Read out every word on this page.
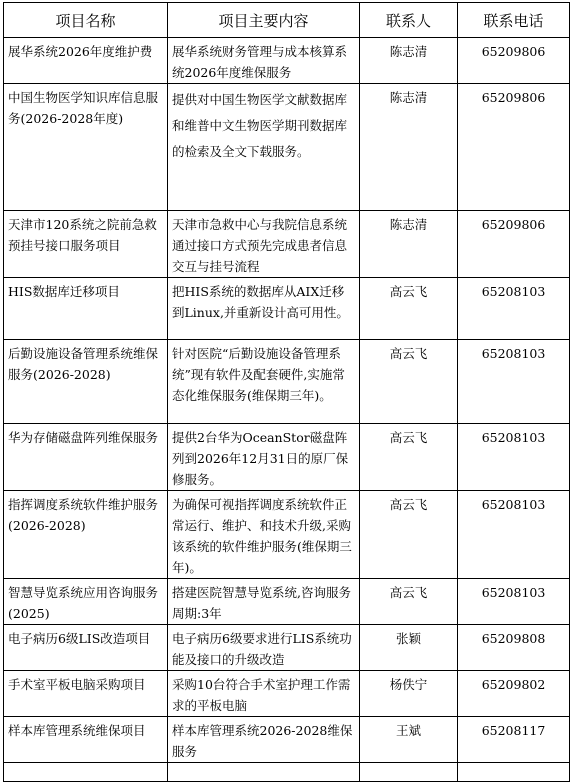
项目名称	项目主要内容	联系人	联系电话
展华系统2026年度维护费	展华系统财务管理与成本核算系统2026年度维保服务	陈志清	65209806
中国生物医学知识库信息服务(2026-2028年度)	提供对中国生物医学文献数据库和维普中文生物医学期刊数据库的检索及全文下载服务。	陈志清	65209806
天津市120系统之院前急救预挂号接口服务项目	天津市急救中心与我院信息系统通过接口方式预先完成患者信息交互与挂号流程	陈志清	65209806
HIS数据库迁移项目	把HIS系统的数据库从AIX迁移到Linux,并重新设计高可用性。	高云飞	65208103
后勤设施设备管理系统维保服务(2026-2028)	针对医院“后勤设施设备管理系统”现有软件及配套硬件,实施常态化维保服务(维保期三年)。	高云飞	65208103
华为存储磁盘阵列维保服务	提供2台华为OceanStor磁盘阵列到2026年12月31日的原厂保修服务。	高云飞	65208103
指挥调度系统软件维护服务(2026-2028)	为确保可视指挥调度系统软件正常运行、维护、和技术升级,采购该系统的软件维护服务(维保期三年)。	高云飞	65208103
智慧导览系统应用咨询服务(2025)	搭建医院智慧导览系统,咨询服务周期:3年	高云飞	65208103
电子病历6级LIS改造项目	电子病历6级要求进行LIS系统功能及接口的升级改造	张颖	65209808
手术室平板电脑采购项目	采购10台符合手术室护理工作需求的平板电脑	杨佚宁	65209802
样本库管理系统维保项目	样本库管理系统2026-2028维保服务	王斌	65208117
